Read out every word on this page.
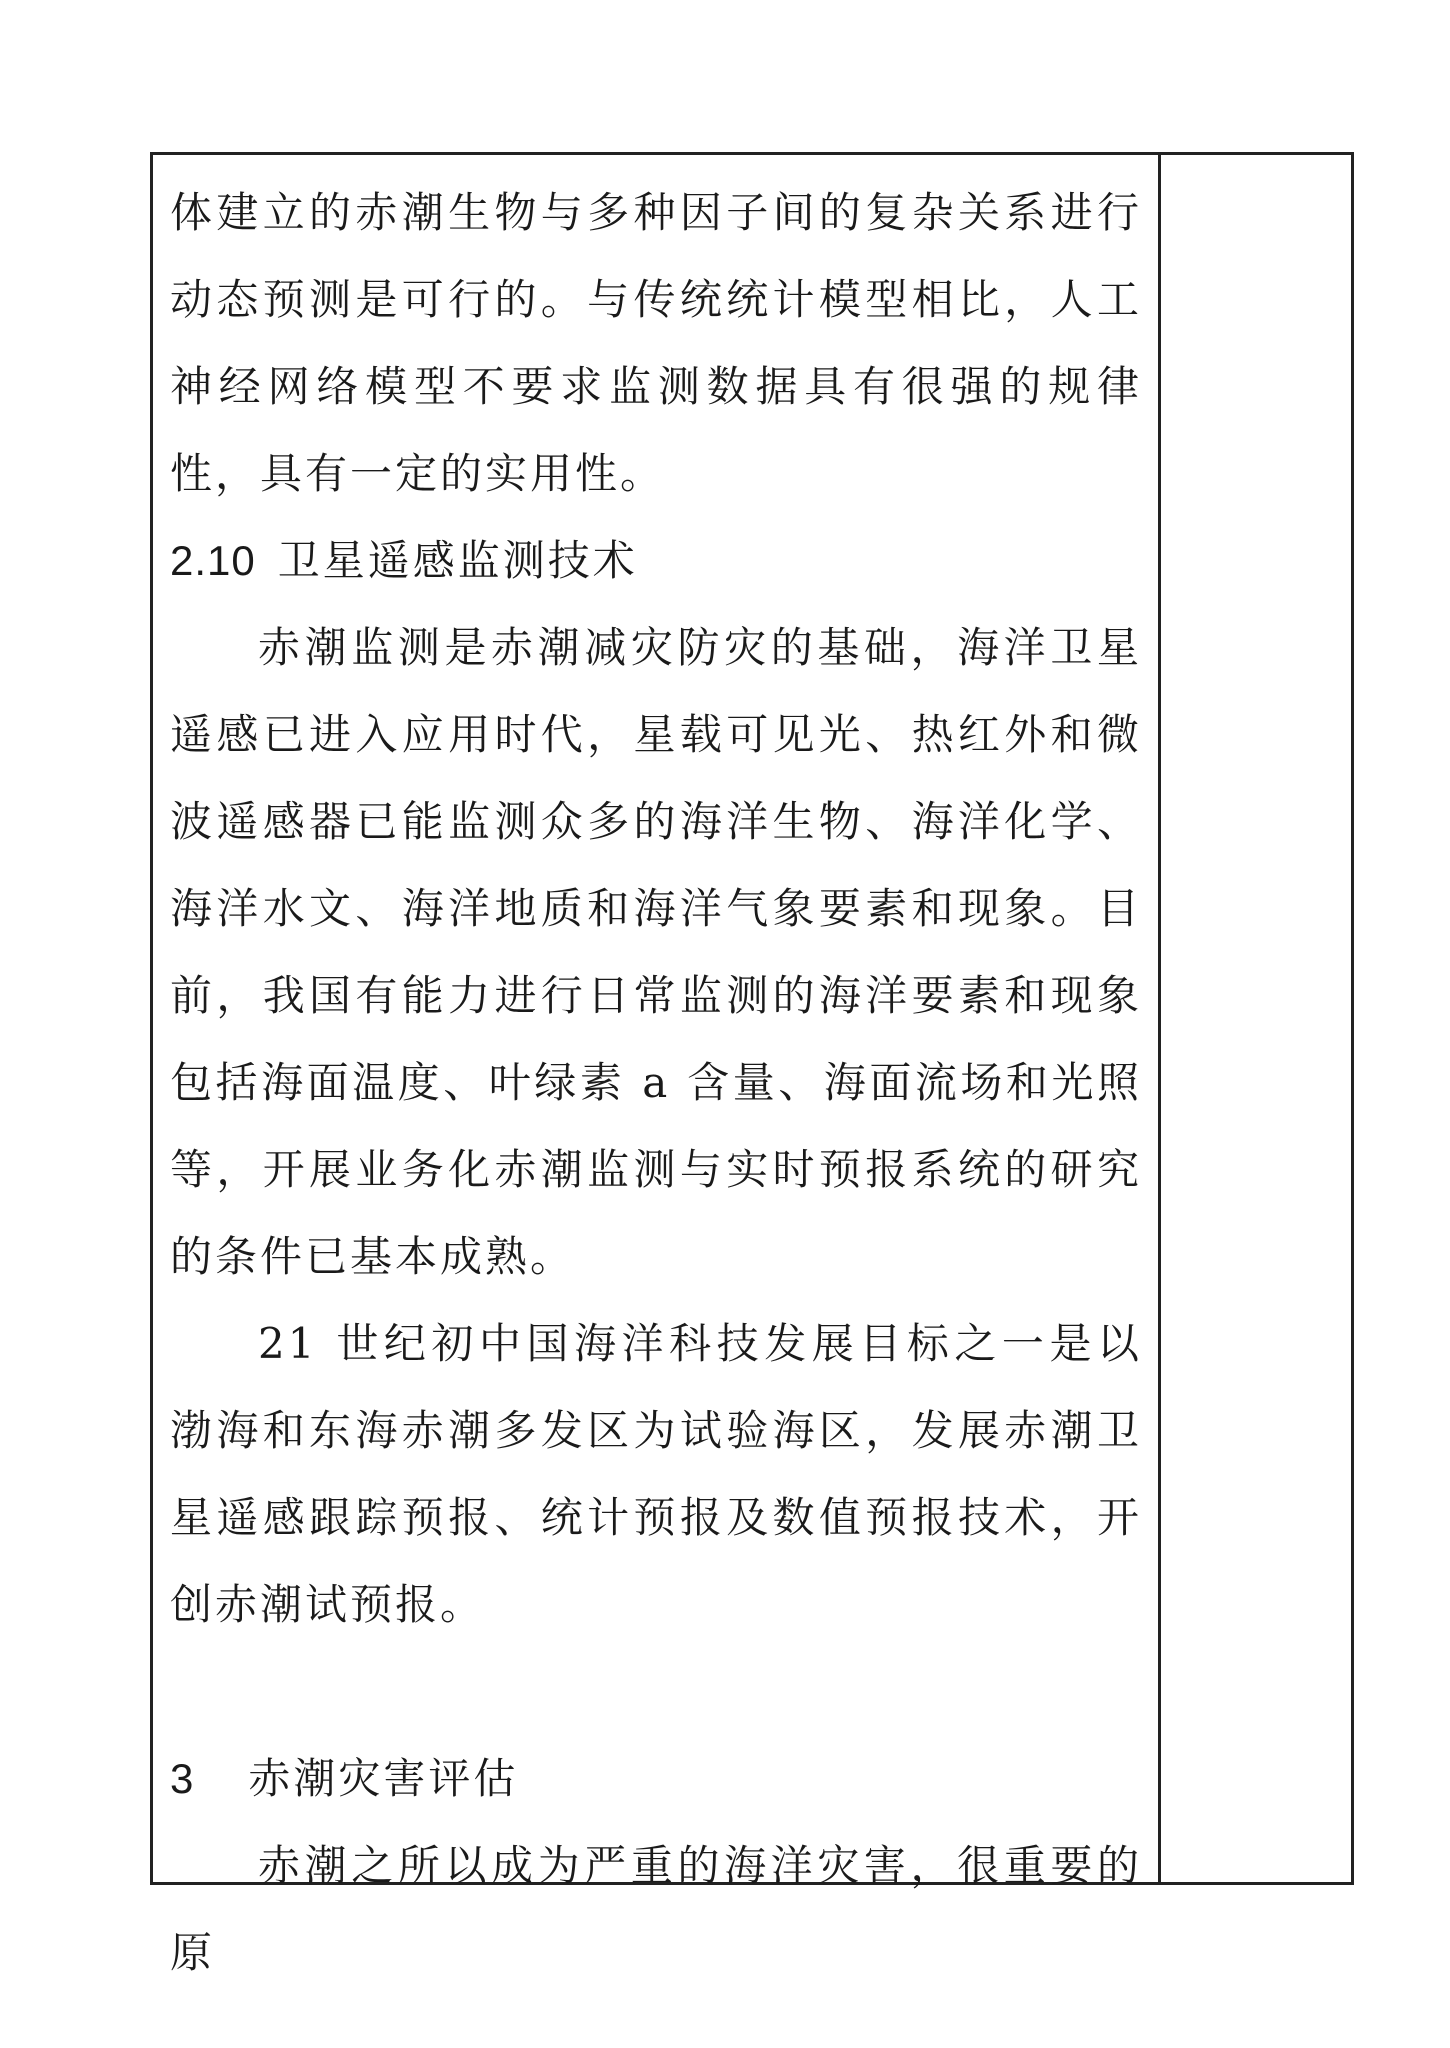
体建立的赤潮生物与多种因子间的复杂关系进行动态预测是可行的。与传统统计模型相比，人工神经网络模型不要求监测数据具有很强的规律性，具有一定的实用性。

2.10 卫星遥感监测技术

赤潮监测是赤潮减灾防灾的基础，海洋卫星遥感已进入应用时代，星载可见光、热红外和微波遥感器已能监测众多的海洋生物、海洋化学、海洋水文、海洋地质和海洋气象要素和现象。目前，我国有能力进行日常监测的海洋要素和现象包括海面温度、叶绿素 a 含量、海面流场和光照等，开展业务化赤潮监测与实时预报系统的研究的条件已基本成熟。

21 世纪初中国海洋科技发展目标之一是以渤海和东海赤潮多发区为试验海区，发展赤潮卫星遥感跟踪预报、统计预报及数值预报技术，开创赤潮试预报。

3 赤潮灾害评估

赤潮之所以成为严重的海洋灾害，很重要的原
